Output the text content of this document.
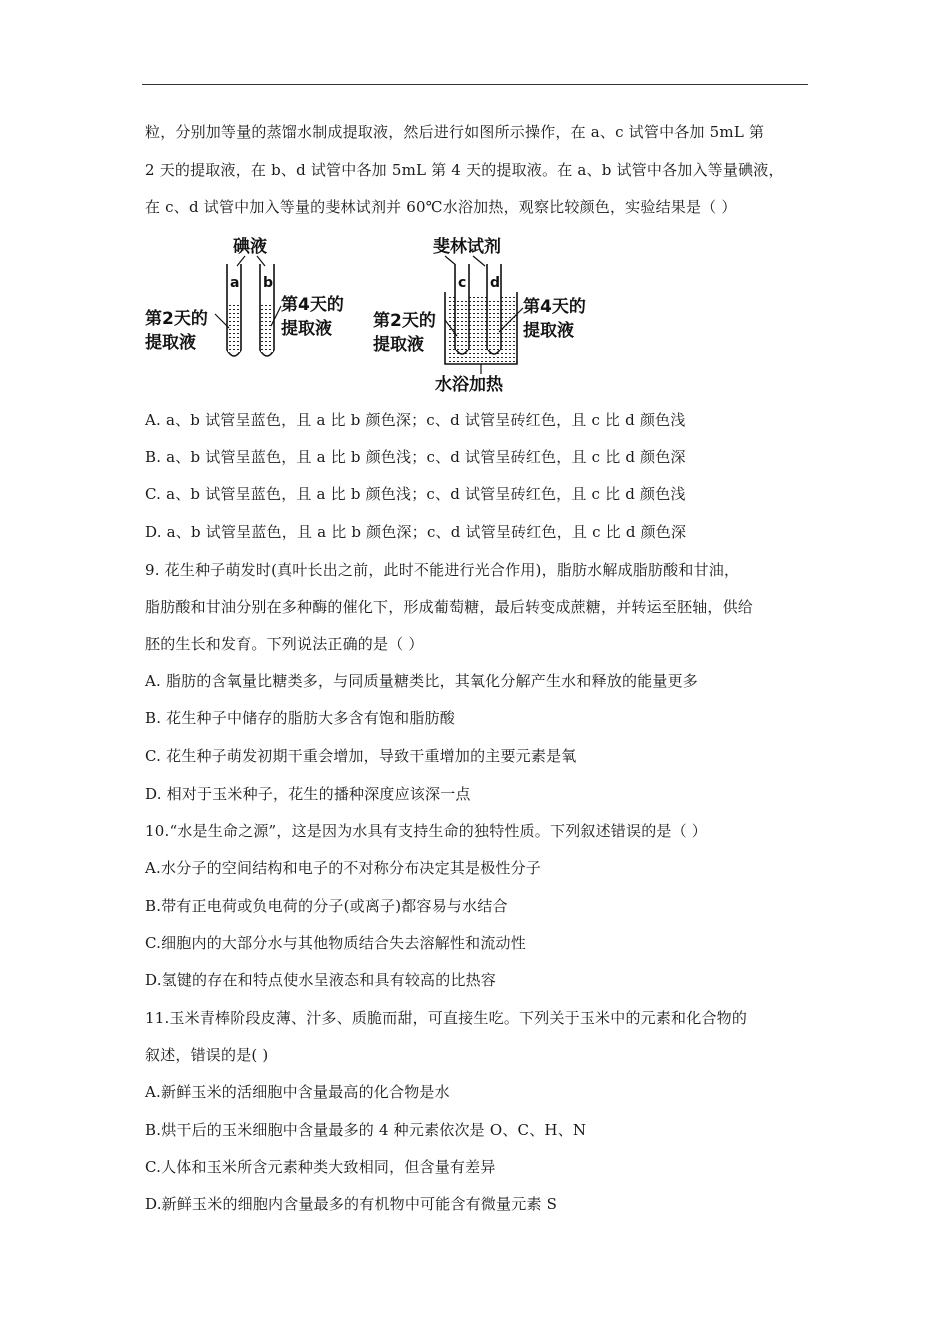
粒，分别加等量的蒸馏水制成提取液，然后进行如图所示操作，在 a、c 试管中各加 5mL 第
2 天的提取液，在 b、d 试管中各加 5mL 第 4 天的提取液。在 a、b 试管中各加入等量碘液，
在 c、d 试管中加入等量的斐林试剂并 60℃水浴加热，观察比较颜色，实验结果是（ ）
碘液
a b
第2天的
提取液
第4天的
提取液
斐林试剂
c d
第2天的
提取液
第4天的
提取液
水浴加热
A. a、b 试管呈蓝色，且 a 比 b 颜色深；c、d 试管呈砖红色，且 c 比 d 颜色浅
B. a、b 试管呈蓝色，且 a 比 b 颜色浅；c、d 试管呈砖红色，且 c 比 d 颜色深
C. a、b 试管呈蓝色，且 a 比 b 颜色浅；c、d 试管呈砖红色，且 c 比 d 颜色浅
D. a、b 试管呈蓝色，且 a 比 b 颜色深；c、d 试管呈砖红色，且 c 比 d 颜色深
9. 花生种子萌发时(真叶长出之前，此时不能进行光合作用)，脂肪水解成脂肪酸和甘油，
脂肪酸和甘油分别在多种酶的催化下，形成葡萄糖，最后转变成蔗糖，并转运至胚轴，供给
胚的生长和发育。下列说法正确的是（ ）
A. 脂肪的含氧量比糖类多，与同质量糖类比，其氧化分解产生水和释放的能量更多
B. 花生种子中储存的脂肪大多含有饱和脂肪酸
C. 花生种子萌发初期干重会增加，导致干重增加的主要元素是氧
D. 相对于玉米种子，花生的播种深度应该深一点
10.“水是生命之源”，这是因为水具有支持生命的独特性质。下列叙述错误的是（ ）
A.水分子的空间结构和电子的不对称分布决定其是极性分子
B.带有正电荷或负电荷的分子(或离子)都容易与水结合
C.细胞内的大部分水与其他物质结合失去溶解性和流动性
D.氢键的存在和特点使水呈液态和具有较高的比热容
11.玉米青棒阶段皮薄、汁多、质脆而甜，可直接生吃。下列关于玉米中的元素和化合物的
叙述，错误的是( )
A.新鲜玉米的活细胞中含量最高的化合物是水
B.烘干后的玉米细胞中含量最多的 4 种元素依次是 O、C、H、N
C.人体和玉米所含元素种类大致相同，但含量有差异
D.新鲜玉米的细胞内含量最多的有机物中可能含有微量元素 S
